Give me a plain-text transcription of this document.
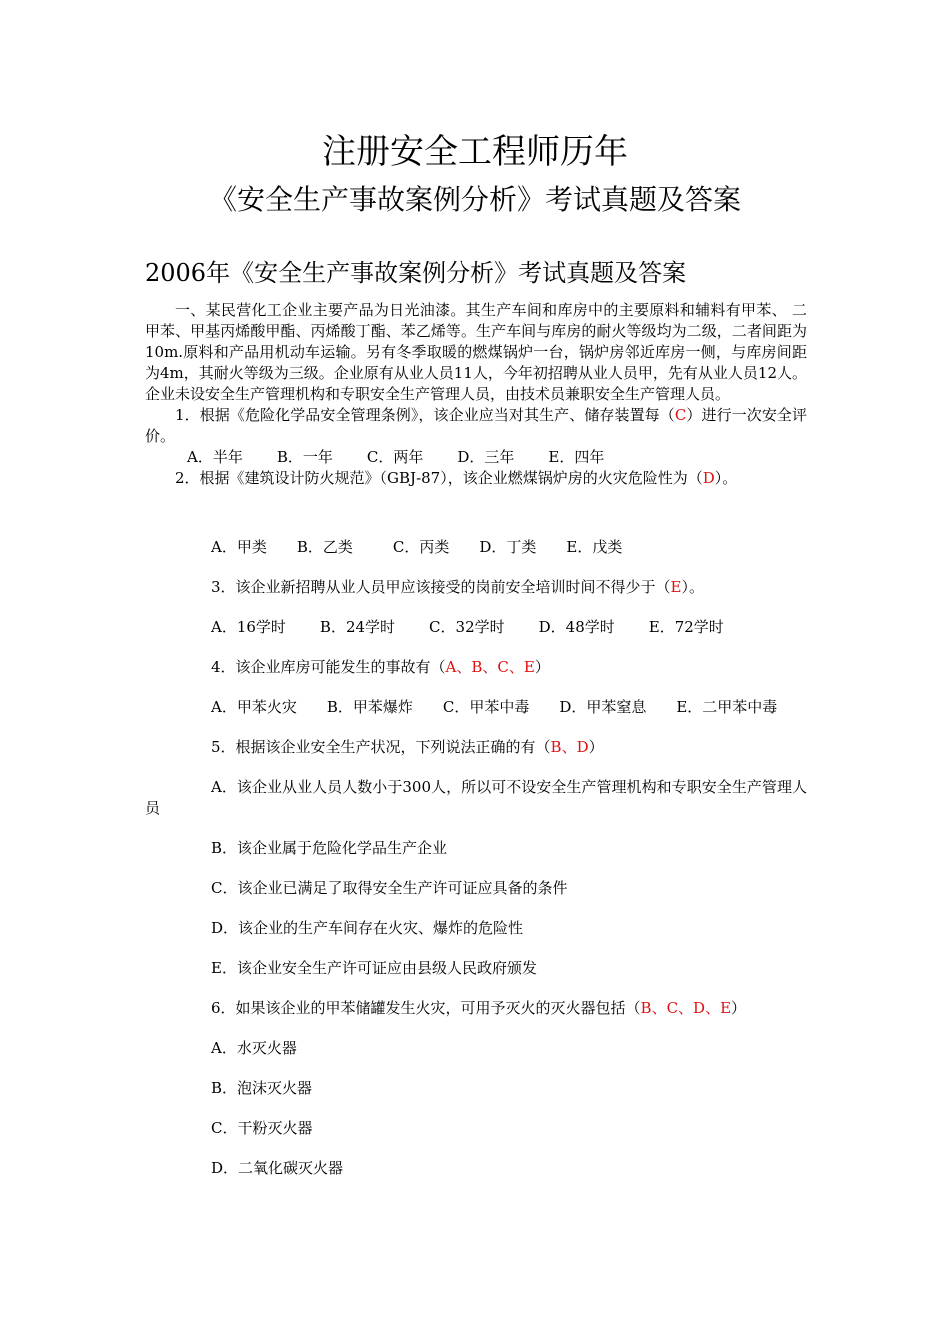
注册安全工程师历年
《安全生产事故案例分析》考试真题及答案
2006年《安全生产事故案例分析》考试真题及答案

一、某民营化工企业主要产品为日光油漆。其生产车间和库房中的主要原料和辅料有甲苯、 二甲苯、甲基丙烯酸甲酯、丙烯酸丁酯、苯乙烯等。生产车间与库房的耐火等级均为二级，二者间距为10m.原料和产品用机动车运输。另有冬季取暖的燃煤锅炉一台，锅炉房邻近库房一侧，与库房间距为4m，其耐火等级为三级。企业原有从业人员11人，今年初招聘从业人员甲，先有从业人员12人。企业未设安全生产管理机构和专职安全生产管理人员，由技术员兼职安全生产管理人员。

1．根据《危险化学品安全管理条例》，该企业应当对其生产、储存装置每（C）进行一次安全评价。

A．半年 B．一年 C．两年 D．三年 E．四年

2．根据《建筑设计防火规范》（GBJ-87），该企业燃煤锅炉房的火灾危险性为（D）。

A．甲类 B．乙类	C．丙类 D．丁类 E．戊类

3．该企业新招聘从业人员甲应该接受的岗前安全培训时间不得少于（E）。

A．16学时 B．24学时 C．32学时 D．48学时 E．72学时

4．该企业库房可能发生的事故有（A、B、C、E）

A．甲苯火灾　　B．甲苯爆炸　　C．甲苯中毒　　D．甲苯窒息　　E．二甲苯中毒

5．根据该企业安全生产状况，下列说法正确的有（B、D）

A．该企业从业人员人数小于300人，所以可不设安全生产管理机构和专职安全生产管理人员

B．该企业属于危险化学品生产企业

C．该企业已满足了取得安全生产许可证应具备的条件

D．该企业的生产车间存在火灾、爆炸的危险性

E．该企业安全生产许可证应由县级人民政府颁发

6．如果该企业的甲苯储罐发生火灾，可用予灭火的灭火器包括（B、C、D、E）

A．水灭火器

B．泡沫灭火器

C．干粉灭火器

D．二氧化碳灭火器
